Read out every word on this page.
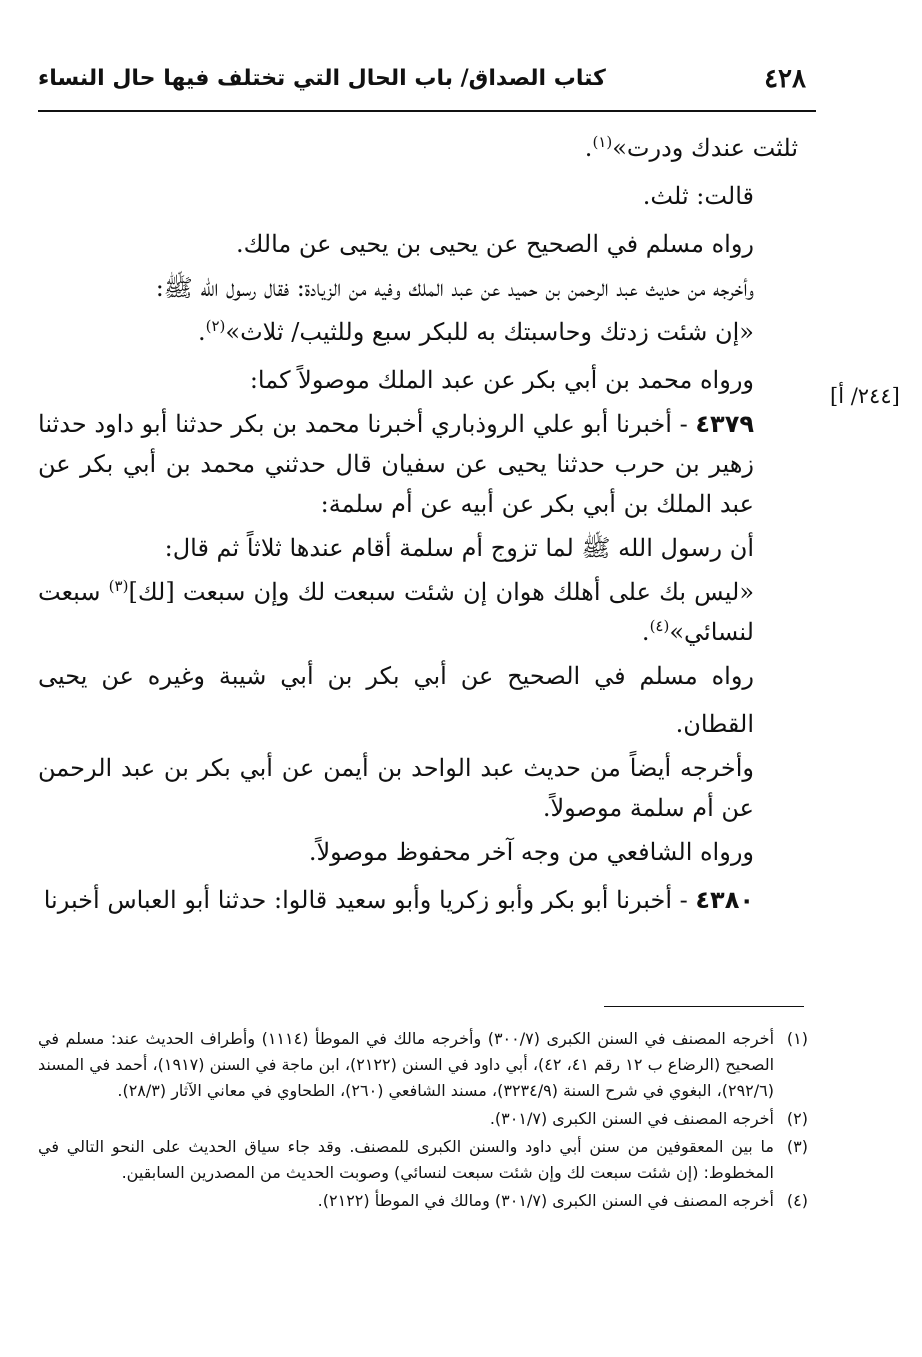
٤٢٨
كتاب الصداق/ باب الحال التي تختلف فيها حال النساء
[٢٤٤/ أ]

ثلثت عندك ودرت»$^{(١)}$.

قالت: ثلث.

رواه مسلم في الصحيح عن يحيى بن يحيى عن مالك.

وأخرجه من حديث عبد الرحمن بن حميد عن عبد الملك وفيه من الزيادة: فقال رسول الله ﷺ:

«إن شئت زدتك وحاسبتك به للبكر سبع وللثيب/ ثلاث»$^{(٢)}$.

ورواه محمد بن أبي بكر عن عبد الملك موصولاً كما:

٤٣٧٩ - أخبرنا أبو علي الروذباري أخبرنا محمد بن بكر حدثنا أبو داود حدثنا زهير بن حرب حدثنا يحيى عن سفيان قال حدثني محمد بن أبي بكر عن عبد الملك بن أبي بكر عن أبيه عن أم سلمة:

أن رسول الله ﷺ لما تزوج أم سلمة أقام عندها ثلاثاً ثم قال:

«ليس بك على أهلك هوان إن شئت سبعت لك وإن سبعت [لك]$^{(٣)}$ سبعت لنسائي»$^{(٤)}$.

رواه مسلم في الصحيح عن أبي بكر بن أبي شيبة وغيره عن يحيى القطان.

وأخرجه أيضاً من حديث عبد الواحد بن أيمن عن أبي بكر بن عبد الرحمن عن أم سلمة موصولاً.

ورواه الشافعي من وجه آخر محفوظ موصولاً.

٤٣٨٠ - أخبرنا أبو بكر وأبو زكريا وأبو سعيد قالوا: حدثنا أبو العباس أخبرنا

(١)
أخرجه المصنف في السنن الكبرى (٣٠٠/٧) وأخرجه مالك في الموطأ (١١١٤) وأطراف الحديث عند: مسلم في الصحيح (الرضاع ب ١٢ رقم ٤١، ٤٢)، أبي داود في السنن (٢١٢٢)، ابن ماجة في السنن (١٩١٧)، أحمد في المسند (٢٩٢/٦)، البغوي في شرح السنة (٣٢٣٤/٩)، مسند الشافعي (٢٦٠)، الطحاوي في معاني الآثار (٢٨/٣).
(٢)
أخرجه المصنف في السنن الكبرى (٣٠١/٧).
(٣)
ما بين المعقوفين من سنن أبي داود والسنن الكبرى للمصنف. وقد جاء سياق الحديث على النحو التالي في المخطوط: (إن شئت سبعت لك وإن شئت سبعت لنسائي) وصوبت الحديث من المصدرين السابقين.
(٤)
أخرجه المصنف في السنن الكبرى (٣٠١/٧) ومالك في الموطأ (٢١٢٢).
